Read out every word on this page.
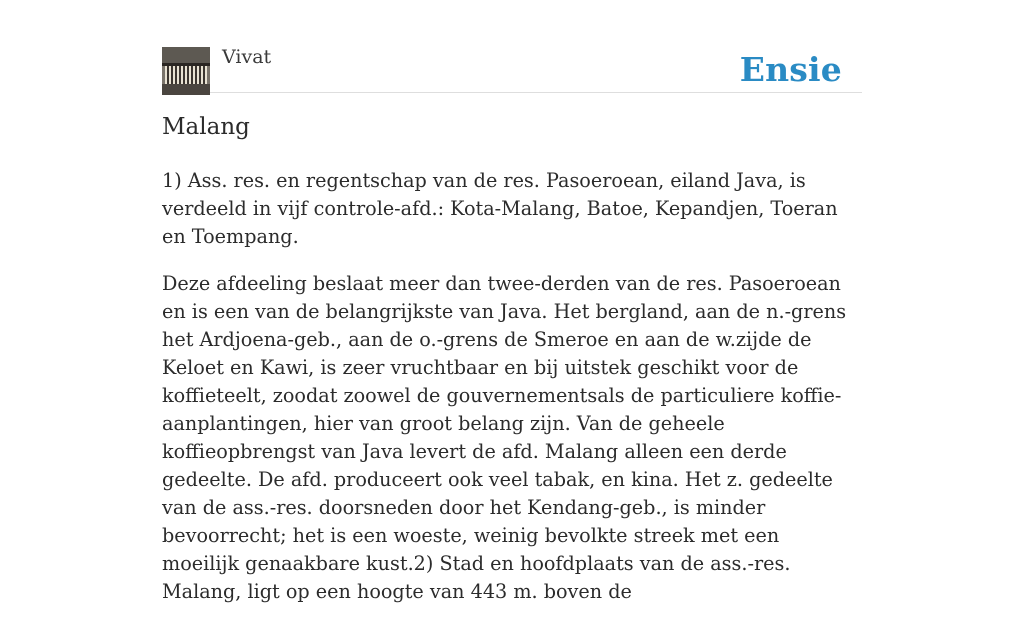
Vivat	Ensie
Malang

1) Ass. res. en regentschap van de res. Pasoeroean, eiland Java, is verdeeld in vijf controle-afd.: Kota-Malang, Batoe, Kepandjen, Toeran en Toempang.

Deze afdeeling beslaat meer dan twee-derden van de res. Pasoeroean en is een van de belangrijkste van Java. Het bergland, aan de n.-grens het Ardjoena-geb., aan de o.-grens de Smeroe en aan de w.zijde de Keloet en Kawi, is zeer vruchtbaar en bij uitstek geschikt voor de koffieteelt, zoodat zoowel de gouvernementsals de particuliere koffie-aanplantingen, hier van groot belang zijn. Van de geheele koffieopbrengst van Java levert de afd. Malang alleen een derde gedeelte. De afd. produceert ook veel tabak, en kina. Het z. gedeelte van de ass.-res. doorsneden door het Kendang-geb., is minder bevoorrecht; het is een woeste, weinig bevolkte streek met een moeilijk genaakbare kust.2) Stad en hoofdplaats van de ass.-res. Malang, ligt op een hoogte van 443 m. boven de
